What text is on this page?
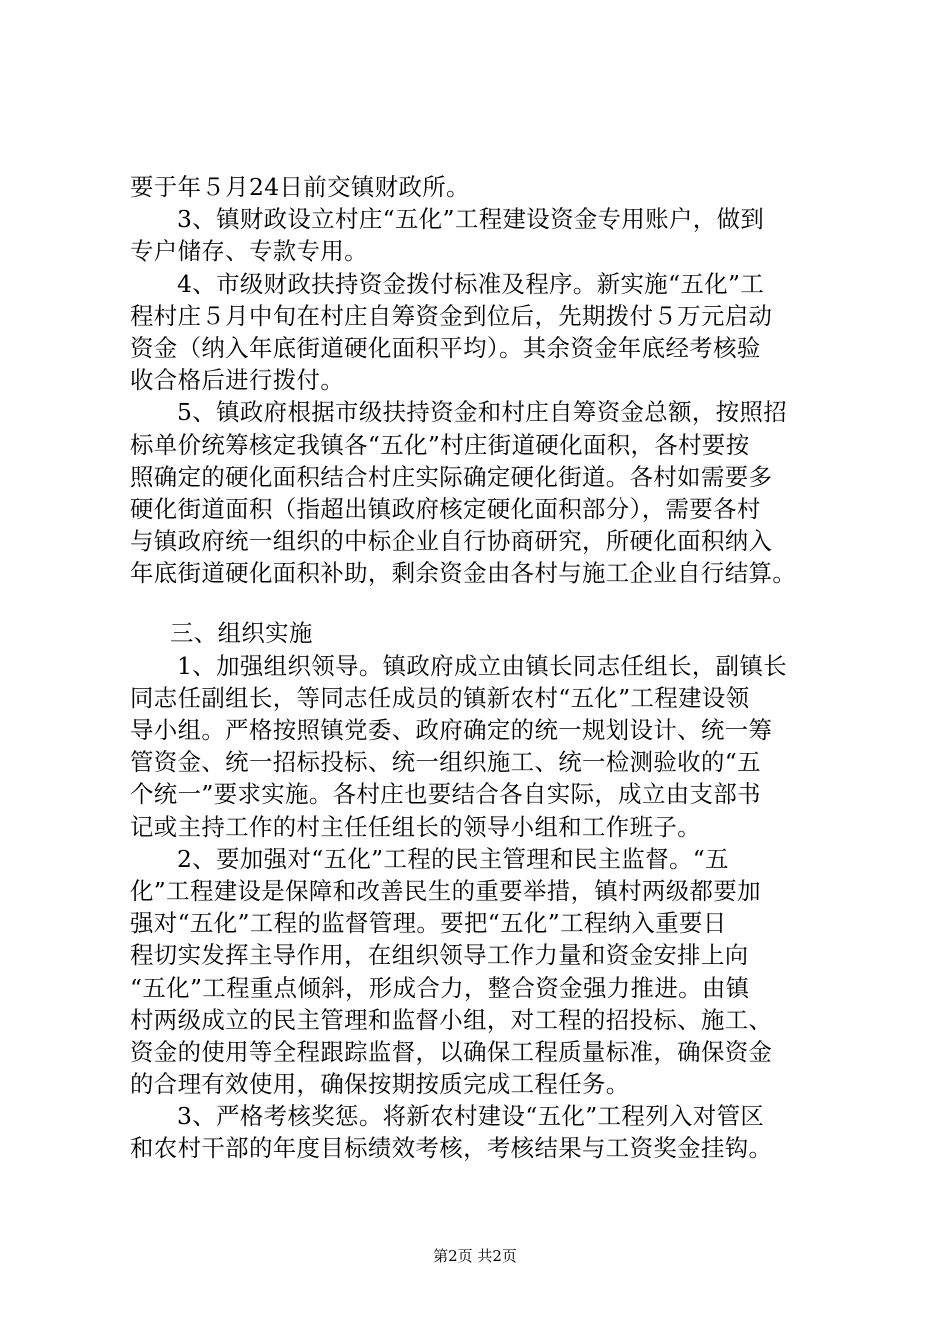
要于年５月24日前交镇财政所。
3、镇财政设立村庄“五化”工程建设资金专用账户，做到
专户储存、专款专用。
4、市级财政扶持资金拨付标准及程序。新实施“五化”工
程村庄５月中旬在村庄自筹资金到位后，先期拨付５万元启动
资金（纳入年底街道硬化面积平均）。其余资金年底经考核验
收合格后进行拨付。
5、镇政府根据市级扶持资金和村庄自筹资金总额，按照招
标单价统筹核定我镇各“五化”村庄街道硬化面积，各村要按
照确定的硬化面积结合村庄实际确定硬化街道。各村如需要多
硬化街道面积（指超出镇政府核定硬化面积部分），需要各村
与镇政府统一组织的中标企业自行协商研究，所硬化面积纳入
年底街道硬化面积补助，剩余资金由各村与施工企业自行结算。
三、组织实施
1、加强组织领导。镇政府成立由镇长同志任组长，副镇长
同志任副组长，等同志任成员的镇新农村“五化”工程建设领
导小组。严格按照镇党委、政府确定的统一规划设计、统一筹
管资金、统一招标投标、统一组织施工、统一检测验收的“五
个统一”要求实施。各村庄也要结合各自实际，成立由支部书
记或主持工作的村主任任组长的领导小组和工作班子。
2、要加强对“五化”工程的民主管理和民主监督。“五
化”工程建设是保障和改善民生的重要举措，镇村两级都要加
强对“五化”工程的监督管理。要把“五化”工程纳入重要日
程切实发挥主导作用，在组织领导工作力量和资金安排上向
“五化”工程重点倾斜，形成合力，整合资金强力推进。由镇
村两级成立的民主管理和监督小组，对工程的招投标、施工、
资金的使用等全程跟踪监督，以确保工程质量标准，确保资金
的合理有效使用，确保按期按质完成工程任务。
3、严格考核奖惩。将新农村建设“五化”工程列入对管区
和农村干部的年度目标绩效考核，考核结果与工资奖金挂钩。
第2页 共2页
